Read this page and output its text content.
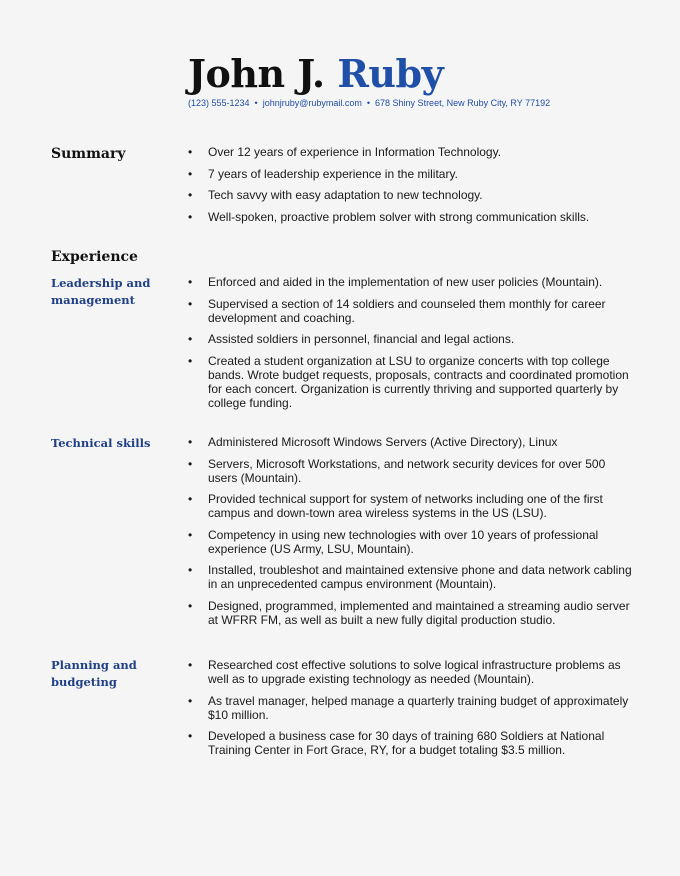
John J. Ruby
(123) 555-1234 • johnjruby@rubymail.com • 678 Shiny Street, New Ruby City, RY 77192
Summary	• Over 12 years of experience in Information Technology.
• 7 years of leadership experience in the military.
• Tech savvy with easy adaptation to new technology.
• Well-spoken, proactive problem solver with strong communication skills.
Experience
Leadership and management
• Enforced and aided in the implementation of new user policies (Mountain).
• Supervised a section of 14 soldiers and counseled them monthly for career development and coaching.
• Assisted soldiers in personnel, financial and legal actions.
• Created a student organization at LSU to organize concerts with top college bands. Wrote budget requests, proposals, contracts and coordinated promotion for each concert. Organization is currently thriving and supported quarterly by college funding.
Technical skills	• Administered Microsoft Windows Servers (Active Directory), Linux
• Servers, Microsoft Workstations, and network security devices for over 500 users (Mountain).
• Provided technical support for system of networks including one of the first campus and down-town area wireless systems in the US (LSU).
• Competency in using new technologies with over 10 years of professional experience (US Army, LSU, Mountain).
• Installed, troubleshot and maintained extensive phone and data network cabling in an unprecedented campus environment (Mountain).
• Designed, programmed, implemented and maintained a streaming audio server at WFRR FM, as well as built a new fully digital production studio.
Planning and budgeting
• Researched cost effective solutions to solve logical infrastructure problems as well as to upgrade existing technology as needed (Mountain).
• As travel manager, helped manage a quarterly training budget of approximately $10 million.
• Developed a business case for 30 days of training 680 Soldiers at National Training Center in Fort Grace, RY, for a budget totaling $3.5 million.
